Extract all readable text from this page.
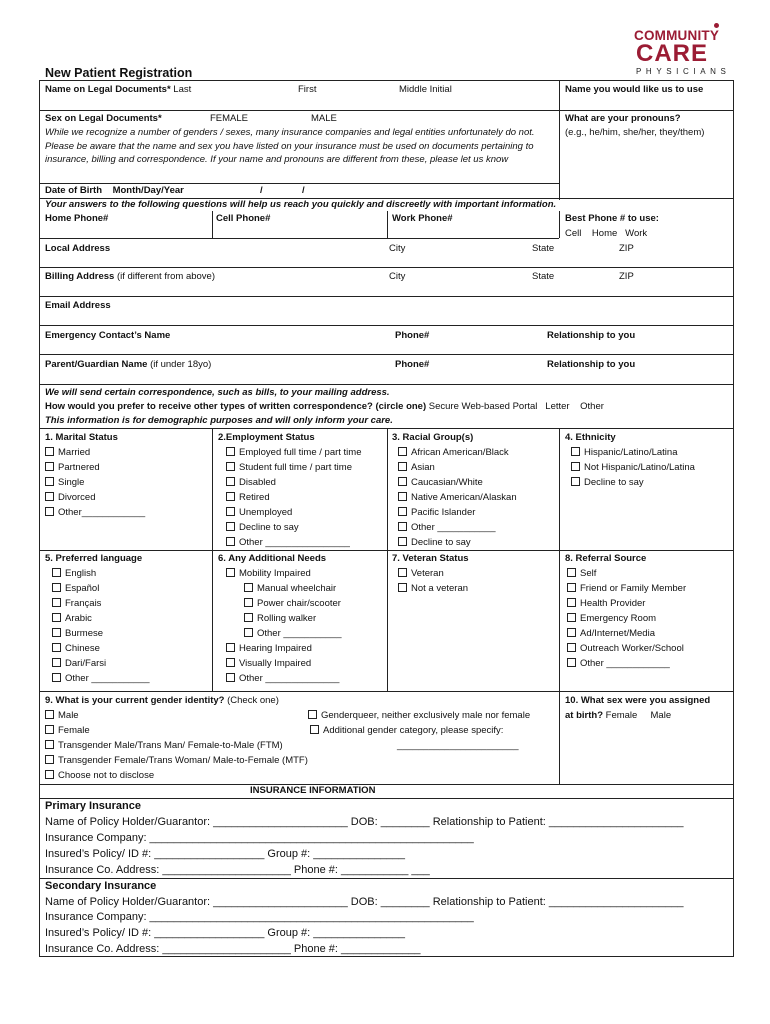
COMMUNITY
CARE
PHYSICIANS
New Patient Registration
Name on Legal Documents* Last	First	Middle Initial	Name you would like us to use
Sex on Legal Documents*	FEMALE	MALE
While we recognize a number of genders / sexes, many insurance companies and legal entities unfortunately do not. Please be aware that the name and sex you have listed on your insurance must be used on documents pertaining to insurance, billing and correspondence. If your name and pronouns are different from these, please let us know
What are your pronouns?
(e.g., he/him, she/her, they/them)
Date of Birth Month/Day/Year	/	/
Your answers to the following questions will help us reach you quickly and discreetly with important information.
Home Phone#	Cell Phone#	Work Phone#	Best Phone # to use:
Cell    Home   Work
Local Address	City	State	ZIP
Billing Address (if different from above)	City	State	ZIP
Email Address
Emergency Contact’s Name	Phone#	Relationship to you
Parent/Guardian Name (if under 18yo)	Phone#	Relationship to you
We will send certain correspondence, such as bills, to your mailing address.
How would you prefer to receive other types of written correspondence? (circle one) Secure Web-based Portal   Letter    Other
This information is for demographic purposes and will only inform your care.
1. Marital Status
Married
Partnered
Single
Divorced
Other____________
2.Employment Status
Employed full time / part time
Student full time / part time
Disabled
Retired
Unemployed
Decline to say
Other ________________
3. Racial Group(s)
African American/Black
Asian
Caucasian/White
Native American/Alaskan
Pacific Islander
Other ___________
Decline to say
4. Ethnicity
Hispanic/Latino/Latina
Not Hispanic/Latino/Latina
Decline to say
5. Preferred language
English
Español
Français
Arabic
Burmese
Chinese
Dari/Farsi
Other ___________
6. Any Additional Needs
Mobility Impaired
Manual wheelchair
Power chair/scooter
Rolling walker
Other ___________
Hearing Impaired
Visually Impaired
Other ______________
7. Veteran Status
Veteran
Not a veteran
8. Referral Source
Self
Friend or Family Member
Health Provider
Emergency Room
Ad/Internet/Media
Outreach Worker/School
Other ____________
9. What is your current gender identity? (Check one)
Male
Female
Transgender Male/Trans Man/ Female-to-Male (FTM)
Transgender Female/Trans Woman/ Male-to-Female (MTF)
Choose not to disclose
Genderqueer, neither exclusively male nor female
Additional gender category, please specify:
_______________________
10. What sex were you assigned
at birth? Female     Male
INSURANCE INFORMATION
Primary Insurance
Name of Policy Holder/Guarantor: ______________________ DOB: ________ Relationship to Patient: ______________________
Insurance Company: _____________________________________________________
Insured’s Policy/ ID #: __________________ Group #: _______________
Insurance Co. Address: _____________________ Phone #: ___________ ___
Secondary Insurance
Name of Policy Holder/Guarantor: ______________________ DOB: ________ Relationship to Patient: ______________________
Insurance Company: _____________________________________________________
Insured’s Policy/ ID #: __________________ Group #: _______________
Insurance Co. Address: _____________________ Phone #: _____________
